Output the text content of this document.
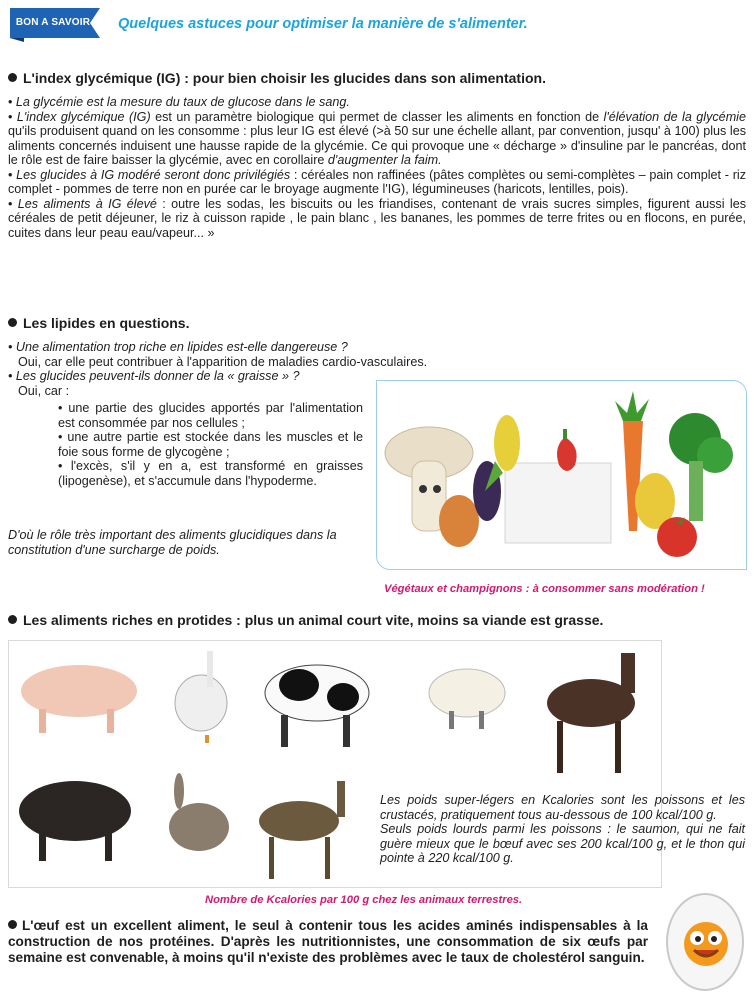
BON A SAVOIR	Quelques astuces pour optimiser la manière de s'alimenter.
L'index glycémique (IG) : pour bien choisir les glucides dans son alimentation.
• La glycémie est la mesure du taux de glucose dans le sang.
• L'index glycémique (IG) est un paramètre biologique qui permet de classer les aliments en fonction de l'élévation de la glycémie qu'ils produisent quand on les consomme : plus leur IG est élevé (>à 50 sur une échelle allant, par convention, jusqu' à 100) plus les aliments concernés induisent une hausse rapide de la glycémie. Ce qui provoque une « décharge » d'insuline par le pancréas, dont le rôle est de faire baisser la glycémie, avec en corollaire d'augmenter la faim.
• Les glucides à IG modéré seront donc privilégiés : céréales non raffinées (pâtes complètes ou semi-complètes – pain complet - riz complet - pommes de terre non en purée car le broyage augmente l'IG), légumineuses (haricots, lentilles, pois).
• Les aliments à IG élevé : outre les sodas, les biscuits ou les friandises, contenant de vrais sucres simples, figurent aussi les céréales de petit déjeuner, le riz à cuisson rapide , le pain blanc , les bananes, les pommes de terre frites ou en flocons, en purée, cuites dans leur peau eau/vapeur... »
Les lipides en questions.
• Une alimentation trop riche en lipides est-elle dangereuse ?
Oui, car elle peut contribuer à l'apparition de maladies cardio-vasculaires.
• Les glucides peuvent-ils donner de la « graisse » ?
Oui, car :
• une partie des glucides apportés par l'alimentation est consommée par nos cellules ;
• une autre partie est stockée dans les muscles et le foie sous forme de glycogène ;
• l'excès, s'il y en a, est transformé en graisses (lipogenèse), et s'accumule dans l'hypoderme.
D'où le rôle très important des aliments glucidiques dans la constitution d'une surcharge de poids.
Végétaux et champignons : à consommer sans modération !
Les aliments riches en protides : plus un animal court vite, moins sa viande est grasse.
Les poids super-légers en Kcalories sont les poissons et les crustacés, pratiquement tous au-dessous de 100 kcal/100 g.
Seuls poids lourds parmi les poissons : le saumon, qui ne fait guère mieux que le bœuf avec ses 200 kcal/100 g, et le thon qui pointe à 220 kcal/100 g.
Nombre de Kcalories par 100 g chez les animaux terrestres.
L'œuf est un excellent aliment, le seul à contenir tous les acides aminés indispensables à la construction de nos protéines. D'après les nutritionnistes, une consommation de six œufs par semaine est convenable, à moins qu'il n'existe des problèmes avec le taux de cholestérol sanguin.
